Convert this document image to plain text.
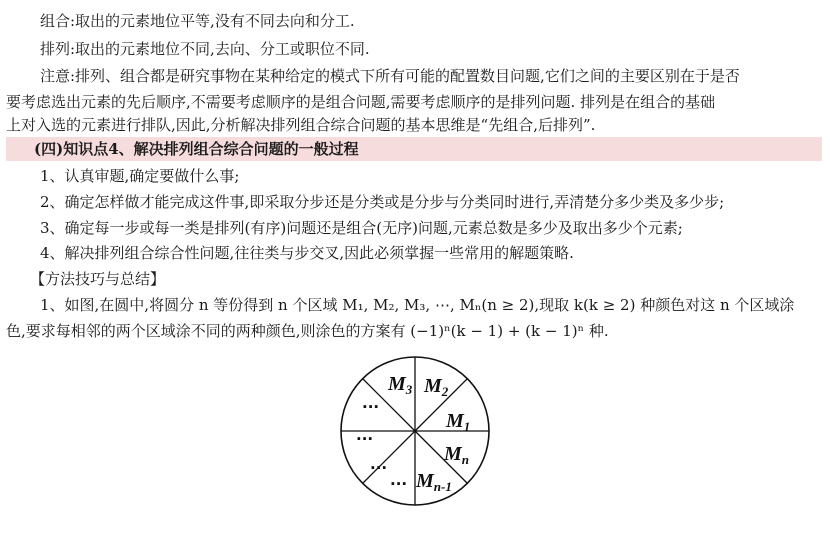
组合:取出的元素地位平等,没有不同去向和分工.
排列:取出的元素地位不同,去向、分工或职位不同.
注意:排列、组合都是研究事物在某种给定的模式下所有可能的配置数目问题,它们之间的主要区别在于是否
要考虑选出元素的先后顺序,不需要考虑顺序的是组合问题,需要考虑顺序的是排列问题. 排列是在组合的基础
上对入选的元素进行排队,因此,分析解决排列组合综合问题的基本思维是“先组合,后排列”.
(四)知识点4、解决排列组合综合问题的一般过程
1、认真审题,确定要做什么事;
2、确定怎样做才能完成这件事,即采取分步还是分类或是分步与分类同时进行,弄清楚分多少类及多少步;
3、确定每一步或每一类是排列(有序)问题还是组合(无序)问题,元素总数是多少及取出多少个元素;
4、解决排列组合综合性问题,往往类与步交叉,因此必须掌握一些常用的解题策略.
【方法技巧与总结】
1、如图,在圆中,将圆分 n 等份得到 n 个区域 M₁, M₂, M₃, ⋯, Mₙ(n ≥ 2),现取 k(k ≥ 2) 种颜色对这 n 个区域涂
色,要求每相邻的两个区域涂不同的两种颜色,则涂色的方案有 (−1)ⁿ(k − 1) + (k − 1)ⁿ 种.
$M_3$ $M_2$
$M_1$
$M_n$
$M_{n-1}$
...
...
...
...
